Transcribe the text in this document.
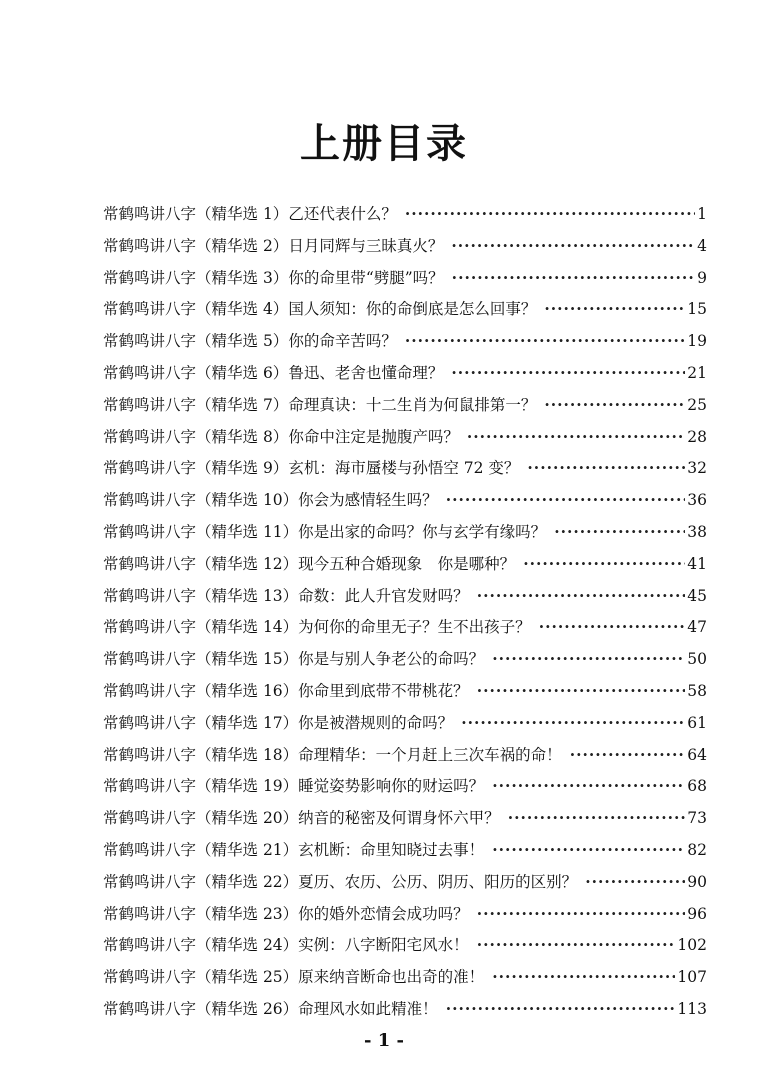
上册目录
常鹤鸣讲八字 （精华选 1） 乙还代表什么？ ·····	1
常鹤鸣讲八字 （精华选 2） 日月同辉与三昧真火？ ·····	4
常鹤鸣讲八字 （精华选 3） 你的命里带“劈腿”吗？ ·····	9
常鹤鸣讲八字 （精华选 4） 国人须知：你的命倒底是怎么回事？ ·····	15
常鹤鸣讲八字 （精华选 5） 你的命辛苦吗？ ·····	19
常鹤鸣讲八字 （精华选 6） 鲁迅、老舍也懂命理？ ·····	21
常鹤鸣讲八字 （精华选 7） 命理真诀：十二生肖为何鼠排第一？ ·····	25
常鹤鸣讲八字 （精华选 8） 你命中注定是抛腹产吗？ ·····	28
常鹤鸣讲八字 （精华选 9） 玄机：海市蜃楼与孙悟空 72 变？ ·····	32
常鹤鸣讲八字 （精华选 10） 你会为感情轻生吗？ ·····	36
常鹤鸣讲八字 （精华选 11） 你是出家的命吗？你与玄学有缘吗？ ·····	38
常鹤鸣讲八字 （精华选 12） 现今五种合婚现象　你是哪种？ ·····	41
常鹤鸣讲八字 （精华选 13） 命数：此人升官发财吗？ ·····	45
常鹤鸣讲八字 （精华选 14） 为何你的命里无子？生不出孩子？ ·····	47
常鹤鸣讲八字 （精华选 15） 你是与别人争老公的命吗？ ·····	50
常鹤鸣讲八字 （精华选 16） 你命里到底带不带桃花？ ·····	58
常鹤鸣讲八字 （精华选 17） 你是被潜规则的命吗？ ·····	61
常鹤鸣讲八字 （精华选 18） 命理精华：一个月赶上三次车祸的命！ ·····	64
常鹤鸣讲八字 （精华选 19） 睡觉姿势影响你的财运吗？ ·····	68
常鹤鸣讲八字 （精华选 20） 纳音的秘密及何谓身怀六甲？ ·····	73
常鹤鸣讲八字 （精华选 21） 玄机断：命里知晓过去事！ ·····	82
常鹤鸣讲八字 （精华选 22） 夏历、农历、公历、阴历、阳历的区别？ ·····	90
常鹤鸣讲八字 （精华选 23） 你的婚外恋情会成功吗？ ·····	96
常鹤鸣讲八字 （精华选 24） 实例：八字断阳宅风水！ ·····	102
常鹤鸣讲八字 （精华选 25） 原来纳音断命也出奇的准！ ·····	107
常鹤鸣讲八字 （精华选 26） 命理风水如此精准！ ·····	113
- 1 -
